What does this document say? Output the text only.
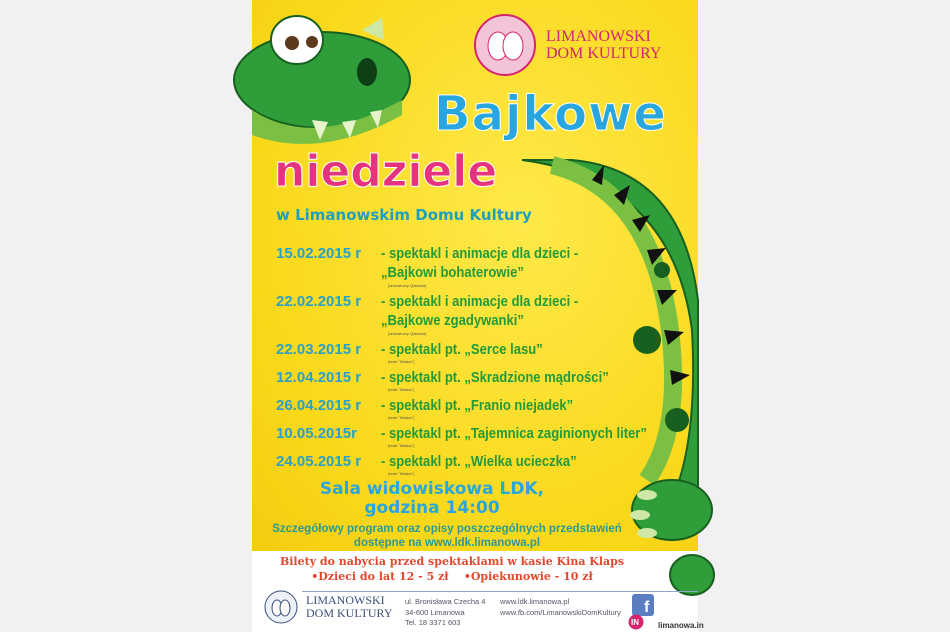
LIMANOWSKI
DOM KULTURY
Bajkowe
niedziele
w Limanowskim Domu Kultury
15.02.2015 r - spektakl i animacje dla dzieci -
„Bajkowi bohaterowie”
(animatorzy Qaltarka)
22.02.2015 r - spektakl i animacje dla dzieci -
„Bajkowe zgadywanki”
(animatorzy Qaltarka)
22.03.2015 r - spektakl pt. „Serce lasu”
(teatr "Maska")
12.04.2015 r - spektakl pt. „Skradzione mądrości”
(teatr "Maska")
26.04.2015 r - spektakl pt. „Franio niejadek”
(teatr "Maska")
10.05.2015r - spektakl pt. „Tajemnica zaginionych liter”
(teatr "Maska")
24.05.2015 r - spektakl pt. „Wielka ucieczka”
(teatr "Maska")
Sala widowiskowa LDK,
godzina 14:00
Szczegółowy program oraz opisy poszczególnych przedstawień
dostępne na www.ldk.limanowa.pl
Bilety do nabycia przed spektaklami w kasie Kina Klaps
•Dzieci do lat 12 - 5 zł    •Opiekunowie - 10 zł
LIMANOWSKI
DOM KULTURY
ul. Bronisława Czecha 4
34-600 Limanowa
Tel. 18 3371 603
www.ldk.limanowa.pl
www.fb.com/LimanowskiDomKultury
IN
f
limanowa.in
